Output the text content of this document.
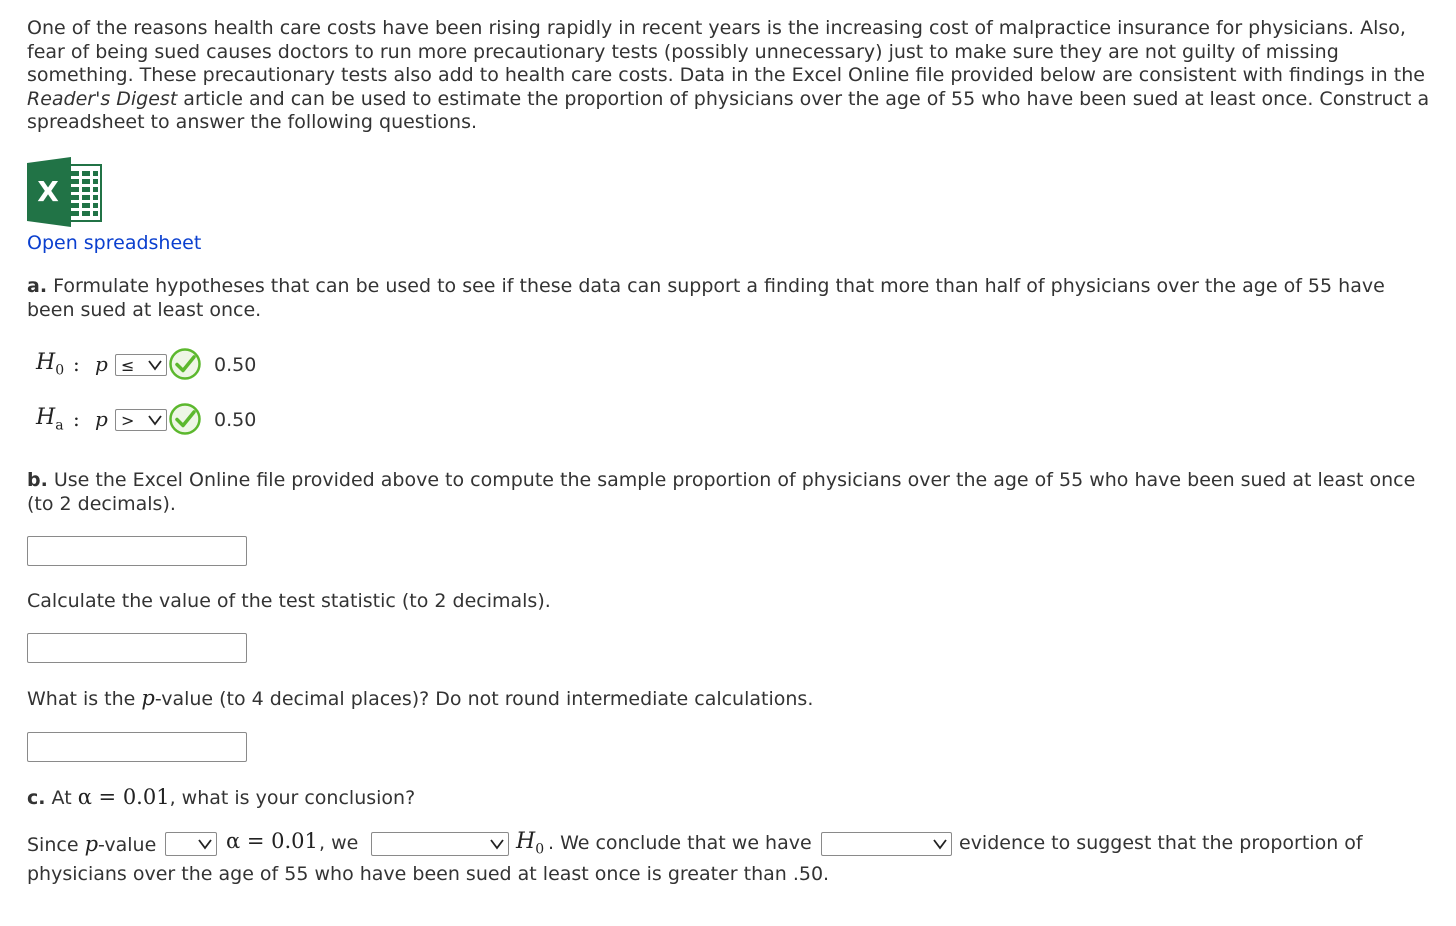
One of the reasons health care costs have been rising rapidly in recent years is the increasing cost of malpractice insurance for physicians. Also, fear of being sued causes doctors to run more precautionary tests (possibly unnecessary) just to make sure they are not guilty of missing something. These precautionary tests also add to health care costs. Data in the Excel Online file provided below are consistent with findings in the Reader's Digest article and can be used to estimate the proportion of physicians over the age of 55 who have been sued at least once. Construct a spreadsheet to answer the following questions.
X
Open spreadsheet
a. Formulate hypotheses that can be used to see if these data can support a finding that more than half of physicians over the age of 55 have been sued at least once.
$H_0$ : p ≤	0.50
$H_a$ : p >	0.50
b. Use the Excel Online file provided above to compute the sample proportion of physicians over the age of 55 who have been sued at least once (to 2 decimals).
Calculate the value of the test statistic (to 2 decimals).
What is the p-value (to 4 decimal places)? Do not round intermediate calculations.
c. At α = 0.01, what is your conclusion?
Since p-value	α = 0.01 , we	$H_0$ . We conclude that we have	evidence to suggest that the proportion of
physicians over the age of 55 who have been sued at least once is greater than .50.
